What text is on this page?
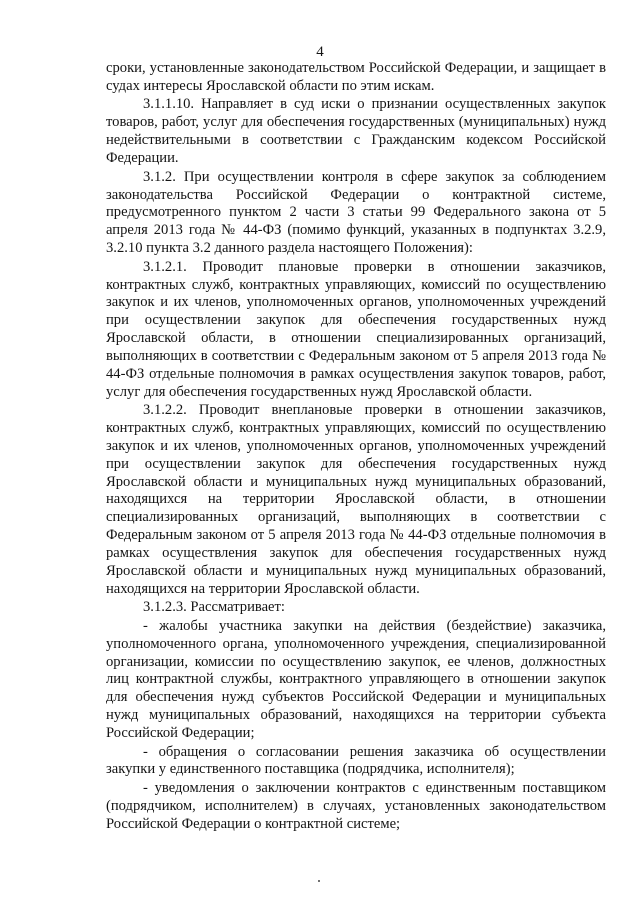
4

сроки, установленные законодательством Российской Федерации, и защищает в судах интересы Ярославской области по этим искам.

3.1.1.10. Направляет в суд иски о признании осуществленных закупок товаров, работ, услуг для обеспечения государственных (муниципальных) нужд недействительными в соответствии с Гражданским кодексом Российской Федерации.

3.1.2. При осуществлении контроля в сфере закупок за соблюдением законодательства Российской Федерации о контрактной системе, предусмотренного пунктом 2 части 3 статьи 99 Федерального закона от 5 апреля 2013 года № 44-ФЗ (помимо функций, указанных в подпунктах 3.2.9, 3.2.10 пункта 3.2 данного раздела настоящего Положения):

3.1.2.1. Проводит плановые проверки в отношении заказчиков, контрактных служб, контрактных управляющих, комиссий по осуществлению закупок и их членов, уполномоченных органов, уполномоченных учреждений при осуществлении закупок для обеспечения государственных нужд Ярославской области, в отношении специализированных организаций, выполняющих в соответствии с Федеральным законом от 5 апреля 2013 года № 44-ФЗ отдельные полномочия в рамках осуществления закупок товаров, работ, услуг для обеспечения государственных нужд Ярославской области.

3.1.2.2. Проводит внеплановые проверки в отношении заказчиков, контрактных служб, контрактных управляющих, комиссий по осуществлению закупок и их членов, уполномоченных органов, уполномоченных учреждений при осуществлении закупок для обеспечения государственных нужд Ярославской области и муниципальных нужд муниципальных образований, находящихся на территории Ярославской области, в отношении специализированных организаций, выполняющих в соответствии с Федеральным законом от 5 апреля 2013 года № 44-ФЗ отдельные полномочия в рамках осуществления закупок для обеспечения государственных нужд Ярославской области и муниципальных нужд муниципальных образований, находящихся на территории Ярославской области.

3.1.2.3. Рассматривает:

- жалобы участника закупки на действия (бездействие) заказчика, уполномоченного органа, уполномоченного учреждения, специализированной организации, комиссии по осуществлению закупок, ее членов, должностных лиц контрактной службы, контрактного управляющего в отношении закупок для обеспечения нужд субъектов Российской Федерации и муниципальных нужд муниципальных образований, находящихся на территории субъекта Российской Федерации;

- обращения о согласовании решения заказчика об осуществлении закупки у единственного поставщика (подрядчика, исполнителя);

- уведомления о заключении контрактов с единственным поставщиком (подрядчиком, исполнителем) в случаях, установленных законодательством Российской Федерации о контрактной системе;
